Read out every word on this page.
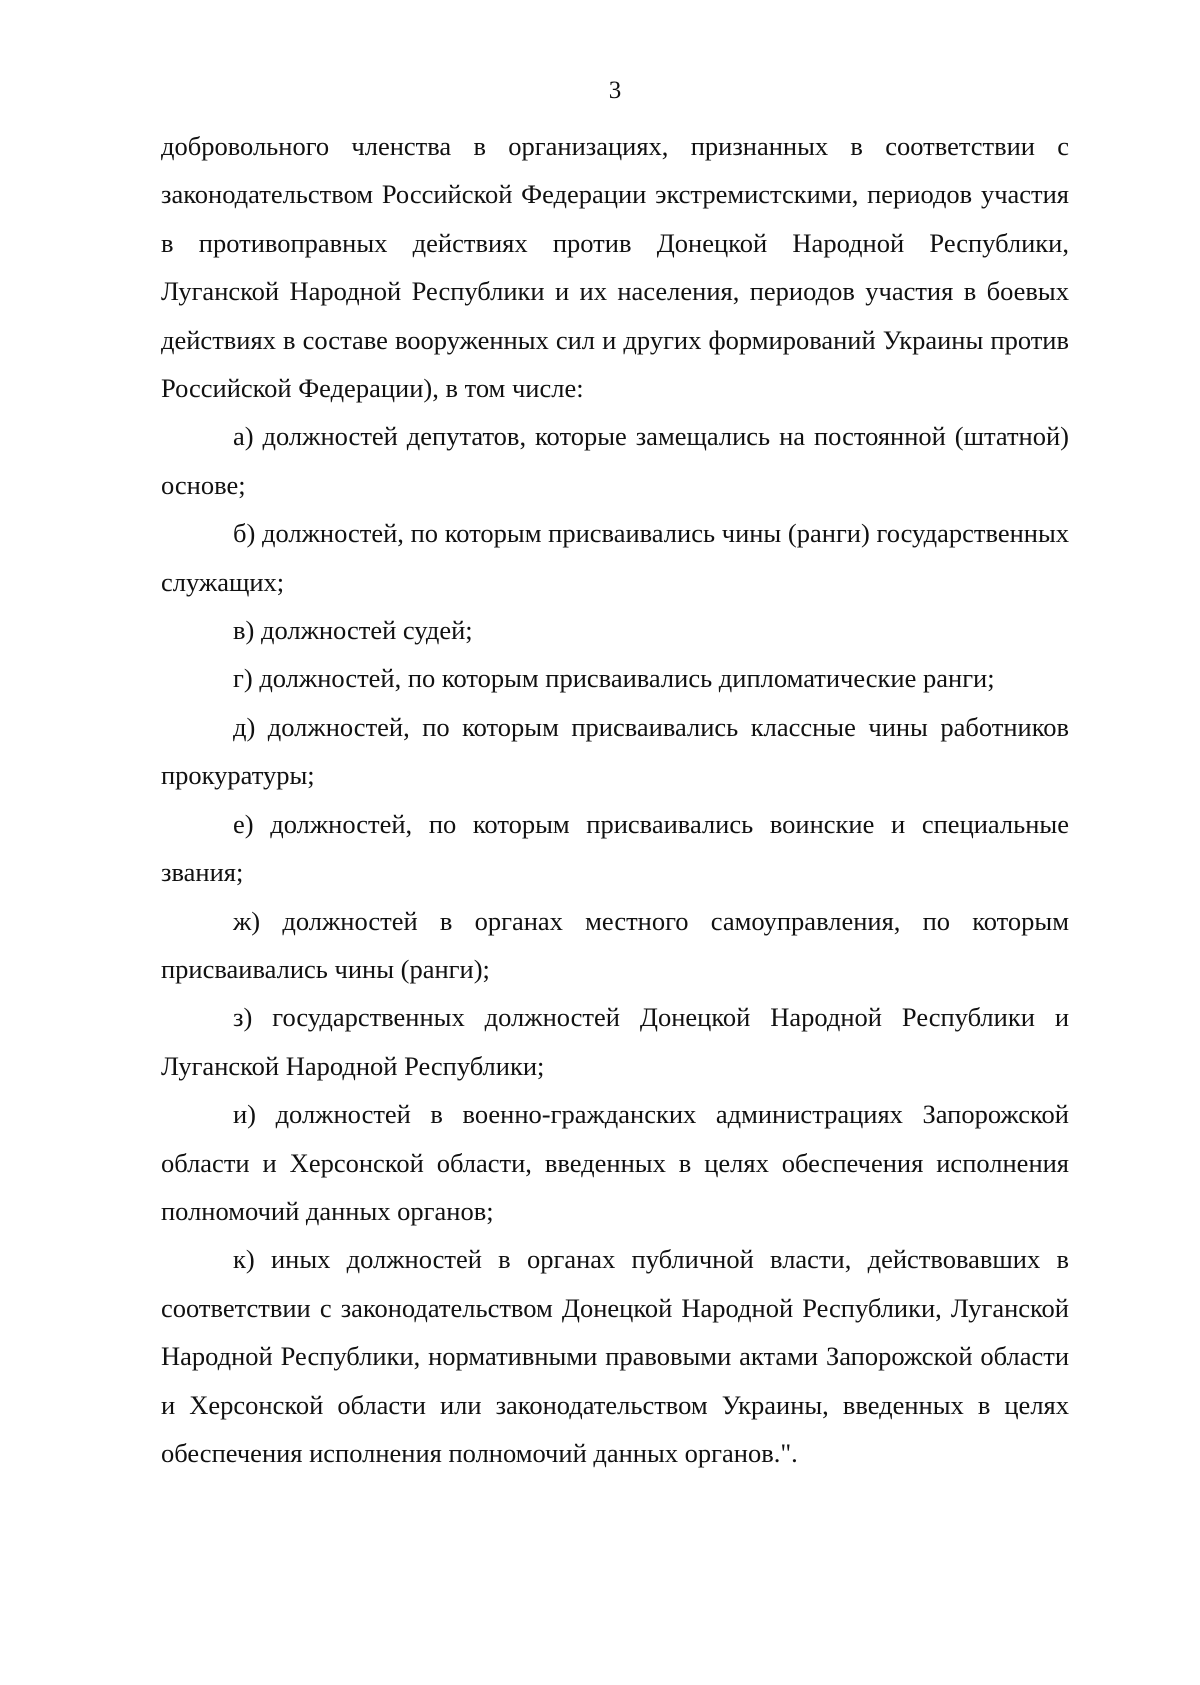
3

добровольного членства в организациях, признанных в соответствии с законодательством Российской Федерации экстремистскими, периодов участия в противоправных действиях против Донецкой Народной Республики, Луганской Народной Республики и их населения, периодов участия в боевых действиях в составе вооруженных сил и других формирований Украины против Российской Федерации), в том числе:

а) должностей депутатов, которые замещались на постоянной (штатной) основе;

б) должностей, по которым присваивались чины (ранги) государственных служащих;

в) должностей судей;

г) должностей, по которым присваивались дипломатические ранги;

д) должностей, по которым присваивались классные чины работников прокуратуры;

е) должностей, по которым присваивались воинские и специальные звания;

ж) должностей в органах местного самоуправления, по которым присваивались чины (ранги);

з) государственных должностей Донецкой Народной Республики и Луганской Народной Республики;

и) должностей в военно-гражданских администрациях Запорожской области и Херсонской области, введенных в целях обеспечения исполнения полномочий данных органов;

к) иных должностей в органах публичной власти, действовавших в соответствии с законодательством Донецкой Народной Республики, Луганской Народной Республики, нормативными правовыми актами Запорожской области и Херсонской области или законодательством Украины, введенных в целях обеспечения исполнения полномочий данных органов.".
